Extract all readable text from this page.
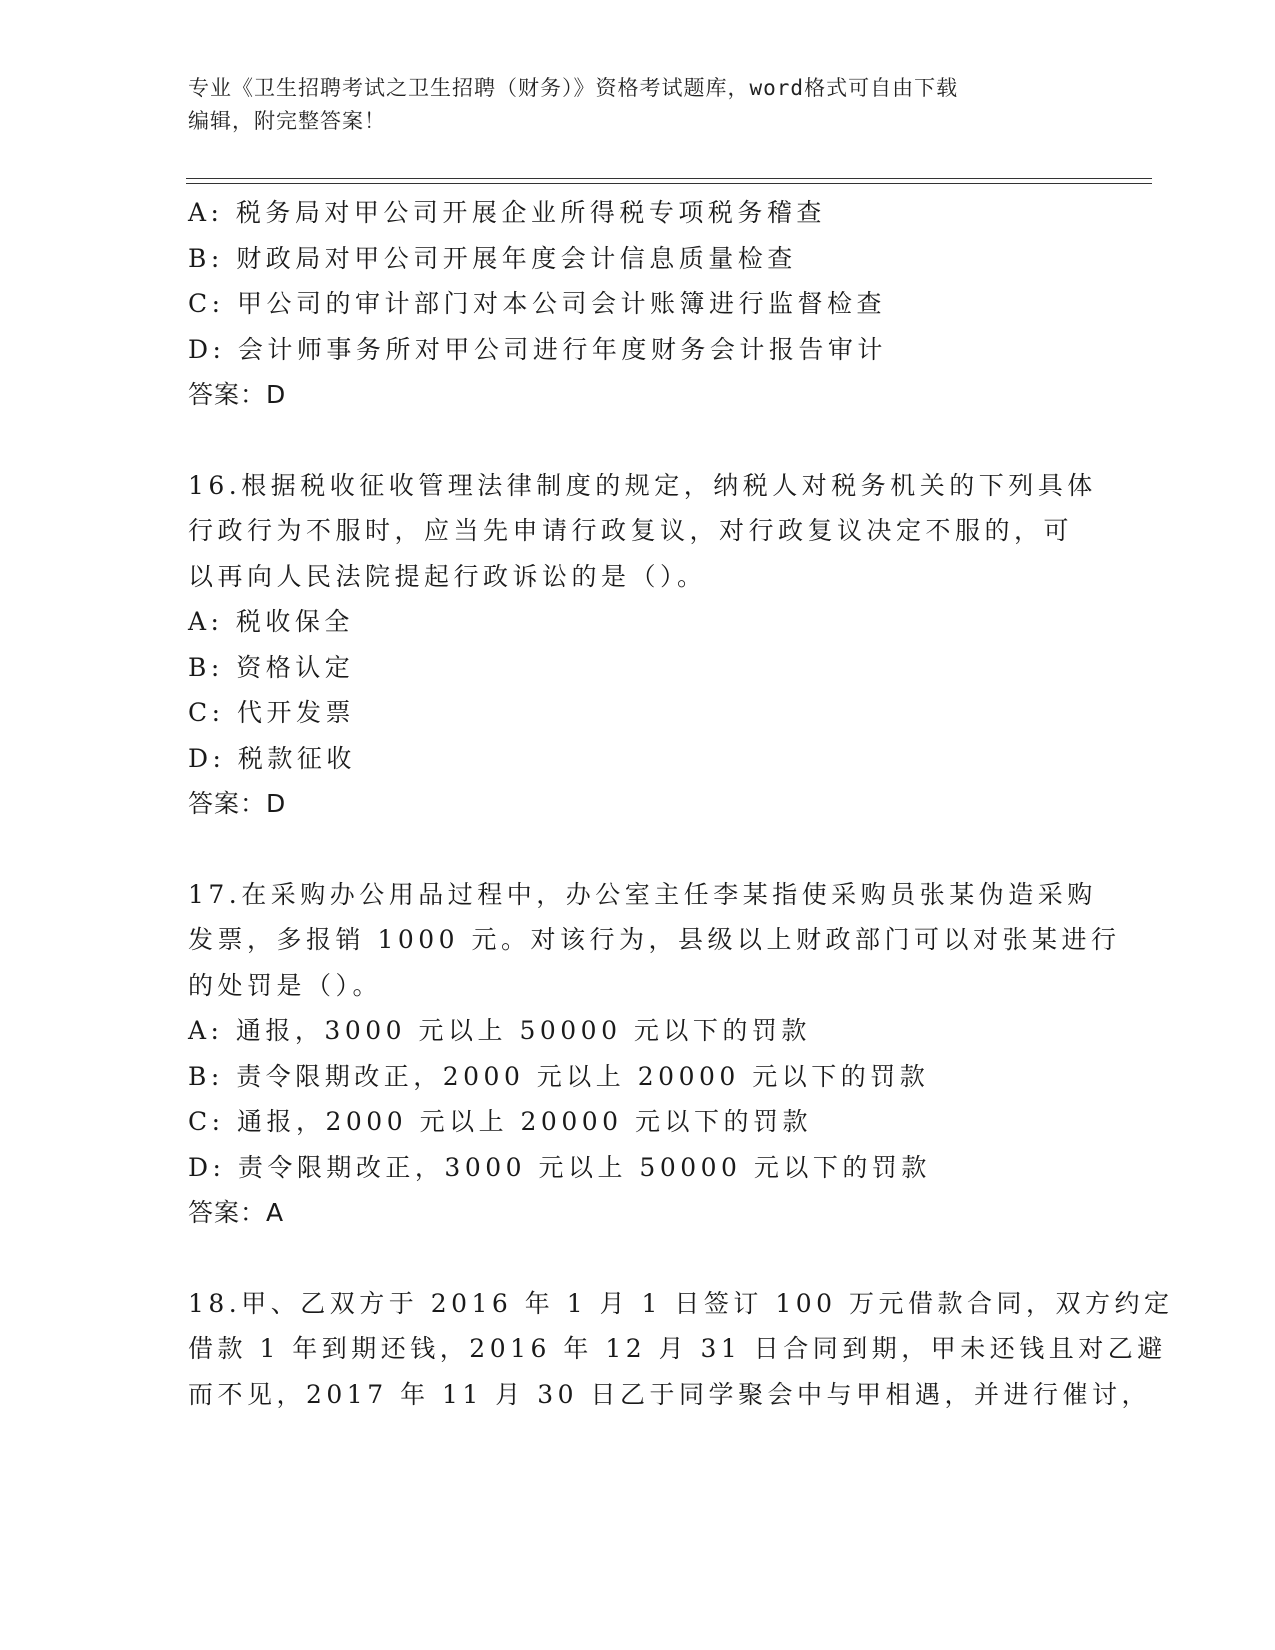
专业《卫生招聘考试之卫生招聘（财务）》资格考试题库，word格式可自由下载
编辑，附完整答案！
A: 税务局对甲公司开展企业所得税专项税务稽查
B: 财政局对甲公司开展年度会计信息质量检查
C: 甲公司的审计部门对本公司会计账簿进行监督检查
D: 会计师事务所对甲公司进行年度财务会计报告审计
答案：D
16.根据税收征收管理法律制度的规定，纳税人对税务机关的下列具体
行政行为不服时，应当先申请行政复议，对行政复议决定不服的，可
以再向人民法院提起行政诉讼的是（）。
A: 税收保全
B: 资格认定
C: 代开发票
D: 税款征收
答案：D
17.在采购办公用品过程中，办公室主任李某指使采购员张某伪造采购
发票，多报销 1000 元。对该行为，县级以上财政部门可以对张某进行
的处罚是（）。
A: 通报，3000 元以上 50000 元以下的罚款
B: 责令限期改正，2000 元以上 20000 元以下的罚款
C: 通报，2000 元以上 20000 元以下的罚款
D: 责令限期改正，3000 元以上 50000 元以下的罚款
答案：A
18.甲、乙双方于 2016 年 1 月 1 日签订 100 万元借款合同，双方约定
借款 1 年到期还钱，2016 年 12 月 31 日合同到期，甲未还钱且对乙避
而不见，2017 年 11 月 30 日乙于同学聚会中与甲相遇，并进行催讨，
